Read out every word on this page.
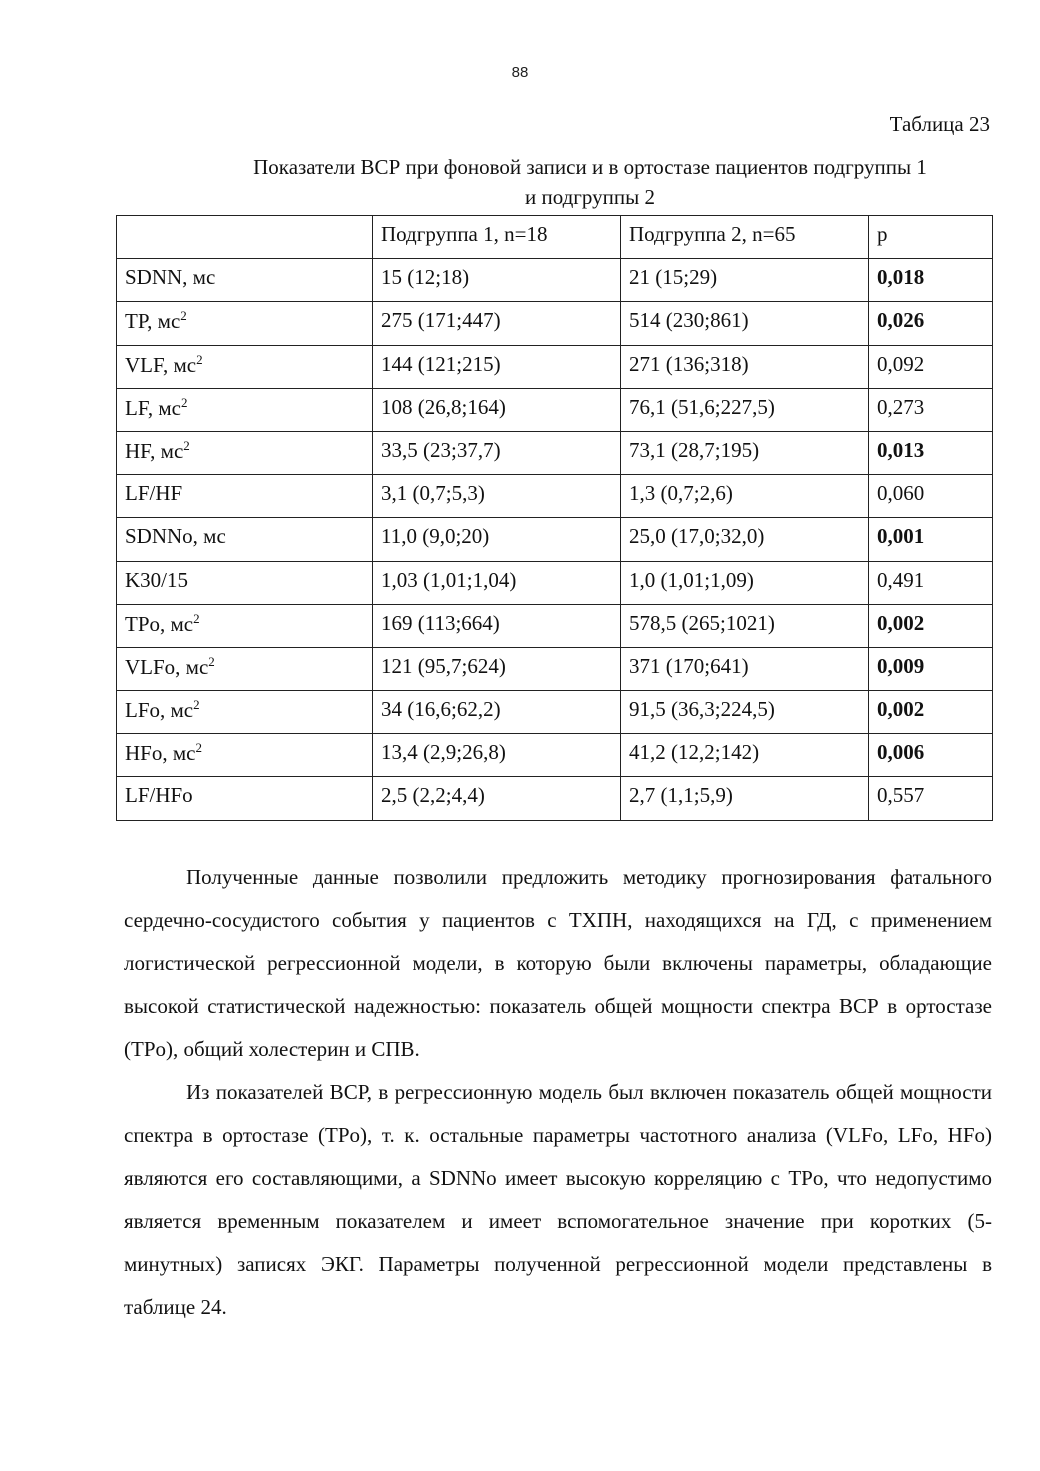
88
Таблица 23
Показатели ВСР при фоновой записи и в ортостазе пациентов подгруппы 1
и подгруппы 2
	Подгруппа 1, n=18	Подгруппа 2, n=65	p
SDNN, мс	15 (12;18)	21 (15;29)	0,018
TP, $мс^2$	275 (171;447)	514 (230;861)	0,026
VLF, $мс^2$	144 (121;215)	271 (136;318)	0,092
LF, $мс^2$	108 (26,8;164)	76,1 (51,6;227,5)	0,273
HF, $мс^2$	33,5 (23;37,7)	73,1 (28,7;195)	0,013
LF/HF	3,1 (0,7;5,3)	1,3 (0,7;2,6)	0,060
SDNNo, мс	11,0 (9,0;20)	25,0 (17,0;32,0)	0,001
K30/15	1,03 (1,01;1,04)	1,0 (1,01;1,09)	0,491
TPo, $мс^2$	169 (113;664)	578,5 (265;1021)	0,002
VLFo, $мс^2$	121 (95,7;624)	371 (170;641)	0,009
LFo, $мс^2$	34 (16,6;62,2)	91,5 (36,3;224,5)	0,002
HFo, $мс^2$	13,4 (2,9;26,8)	41,2 (12,2;142)	0,006
LF/HFo	2,5 (2,2;4,4)	2,7 (1,1;5,9)	0,557

Полученные данные позволили предложить методику прогнозирования фатального сердечно-сосудистого события у пациентов с ТХПН, находящихся на ГД, с применением логистической регрессионной модели, в которую были включены параметры, обладающие высокой статистической надежностью: показатель общей мощности спектра ВСР в ортостазе (TPo), общий холестерин и СПВ.

Из показателей ВСР, в регрессионную модель был включен показатель общей мощности спектра в ортостазе (TPo), т. к. остальные параметры частотного анализа (VLFo, LFo, HFo) являются его составляющими, а SDNNo имеет высокую корреляцию с TPo, что недопустимо является временным показателем и имеет вспомогательное значение при коротких (5-минутных) записях ЭКГ. Параметры полученной регрессионной модели представлены в таблице 24.
